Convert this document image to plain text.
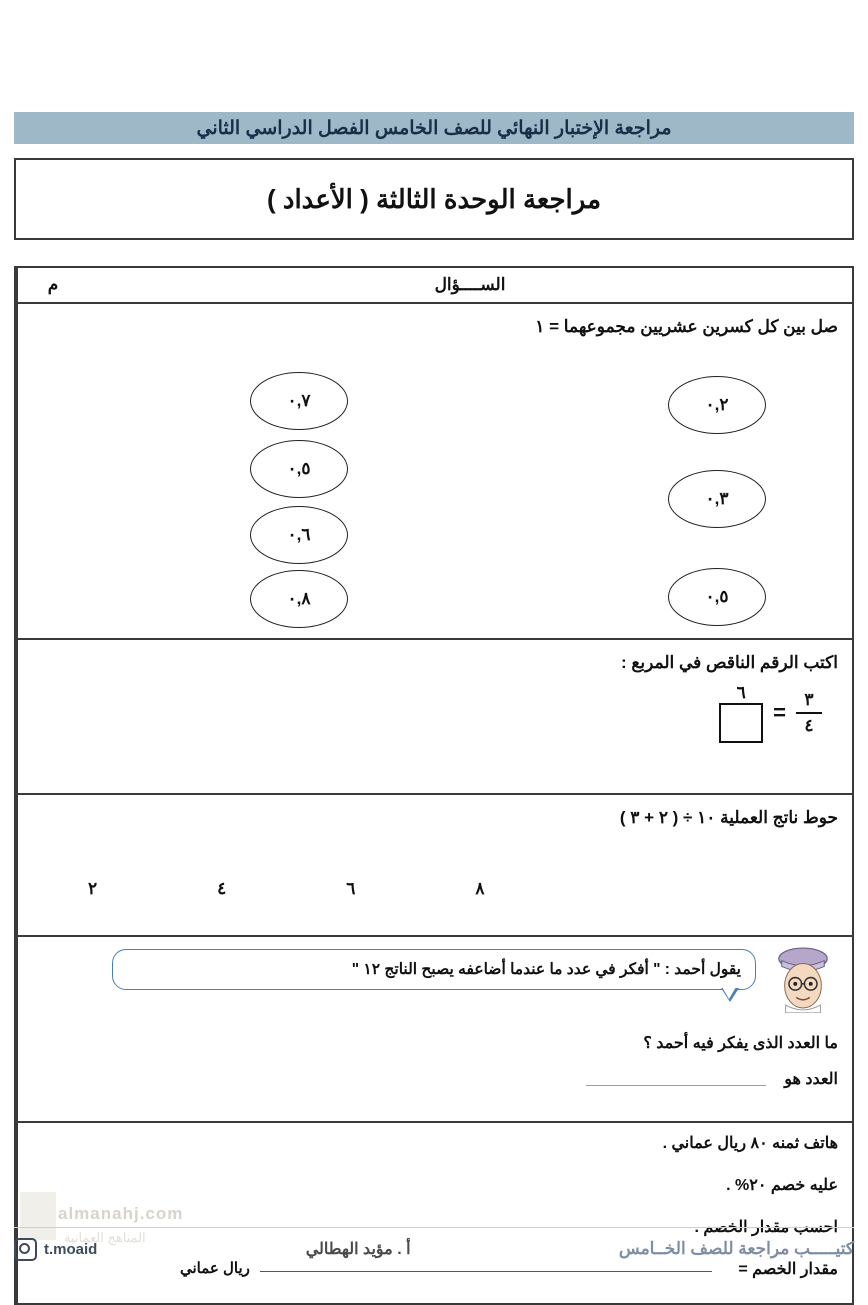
مراجعة الإختبار النهائي للصف الخامس الفصل الدراسي الثاني
مراجعة الوحدة الثالثة ( الأعداد )
الســــؤال
م
صل بين كل كسرين عشريين مجموعهما = ١
٠,٢
٠,٣
٠,٥
٠,٧
٠,٥
٠,٦
٠,٨
اكتب الرقم الناقص في المربع :
٦
= $\frac{٣}{٤}$
حوط ناتج العملية ١٠ ÷ ( ٢ + ٣ )
٢	٤	٦	٨
يقول أحمد : " أفكر في عدد ما عندما أضاعفه يصبح الناتج ١٢ "
ما العدد الذى يفكر فيه أحمد ؟
العدد هو
هاتف ثمنه ٨٠ ريال عماني .
عليه خصم ٢٠% .
احسب مقدار الخصم .
مقدار الخصم =
ريال عماني
almanahj.com
المناهج العمانية
كتيـــــب مراجعة للصف الخــامس
أ . مؤيد الهطالي
t.moaid
